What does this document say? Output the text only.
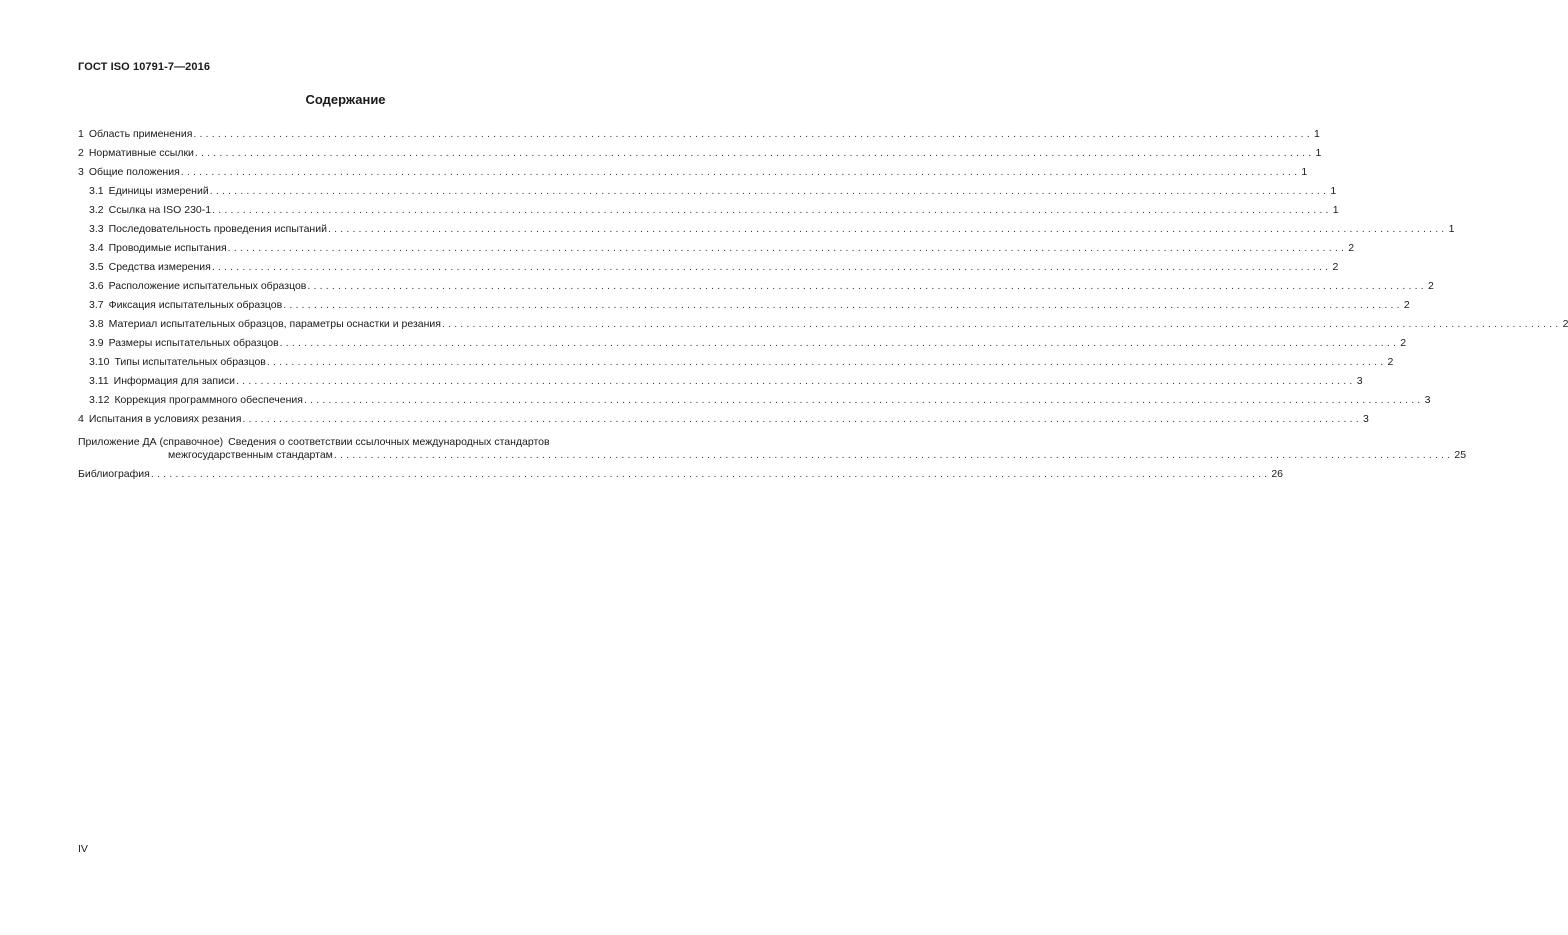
ГОСТ ISO 10791-7—2016
Содержание
1 Область применения .....	1
2 Нормативные ссылки .....	1
3 Общие положения .....	1
3.1 Единицы измерений .....	1
3.2 Ссылка на ISO 230-1 .....	1
3.3 Последовательность проведения испытаний .....	1
3.4 Проводимые испытания .....	2
3.5 Средства измерения .....	2
3.6 Расположение испытательных образцов .....	2
3.7 Фиксация испытательных образцов .....	2
3.8 Материал испытательных образцов, параметры оснастки и резания .....	2
3.9 Размеры испытательных образцов .....	2
3.10 Типы испытательных образцов .....	2
3.11 Информация для записи .....	3
3.12 Коррекция программного обеспечения .....	3
4 Испытания в условиях резания .....	3
Приложение ДА (справочное) Сведения о соответствии ссылочных международных стандартов
межгосударственным стандартам .....	25
Библиография .....	26
IV
